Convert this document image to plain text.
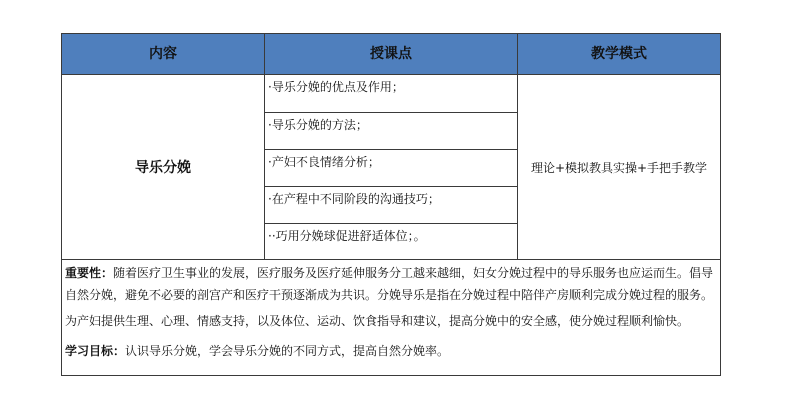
内容	授课点	教学模式
导乐分娩
·导乐分娩的优点及作用；
·导乐分娩的方法；
·产妇不良情绪分析；
·在产程中不同阶段的沟通技巧；
··巧用分娩球促进舒适体位；。
理论+模拟教具实操+手把手教学

重要性：随着医疗卫生事业的发展，医疗服务及医疗延伸服务分工越来越细，妇女分娩过程中的导乐服务也应运而生。倡导

自然分娩，避免不必要的剖宫产和医疗干预逐渐成为共识。分娩导乐是指在分娩过程中陪伴产房顺利完成分娩过程的服务。

为产妇提供生理、心理、情感支持，以及体位、运动、饮食指导和建议，提高分娩中的安全感，使分娩过程顺利愉快。

学习目标：认识导乐分娩，学会导乐分娩的不同方式，提高自然分娩率。
